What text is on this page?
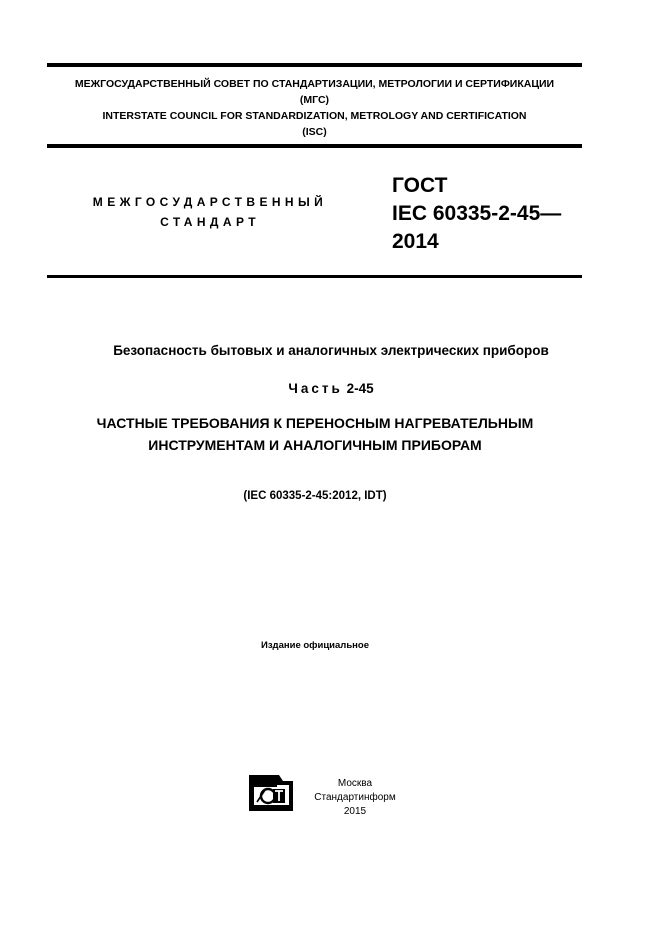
МЕЖГОСУДАРСТВЕННЫЙ СОВЕТ ПО СТАНДАРТИЗАЦИИ, МЕТРОЛОГИИ И СЕРТИФИКАЦИИ
(МГС)
INTERSTATE COUNCIL FOR STANDARDIZATION, METROLOGY AND CERTIFICATION
(ISC)
МЕЖГОСУДАРСТВЕННЫЙ
СТАНДАРТ
ГОСТ
IEC 60335-2-45—
2014
Безопасность бытовых и аналогичных электрических приборов
Часть 2-45
ЧАСТНЫЕ ТРЕБОВАНИЯ К ПЕРЕНОСНЫМ НАГРЕВАТЕЛЬНЫМ
ИНСТРУМЕНТАМ И АНАЛОГИЧНЫМ ПРИБОРАМ
(IEC 60335-2-45:2012, IDT)
Издание официальное
Москва
Стандартинформ
2015
